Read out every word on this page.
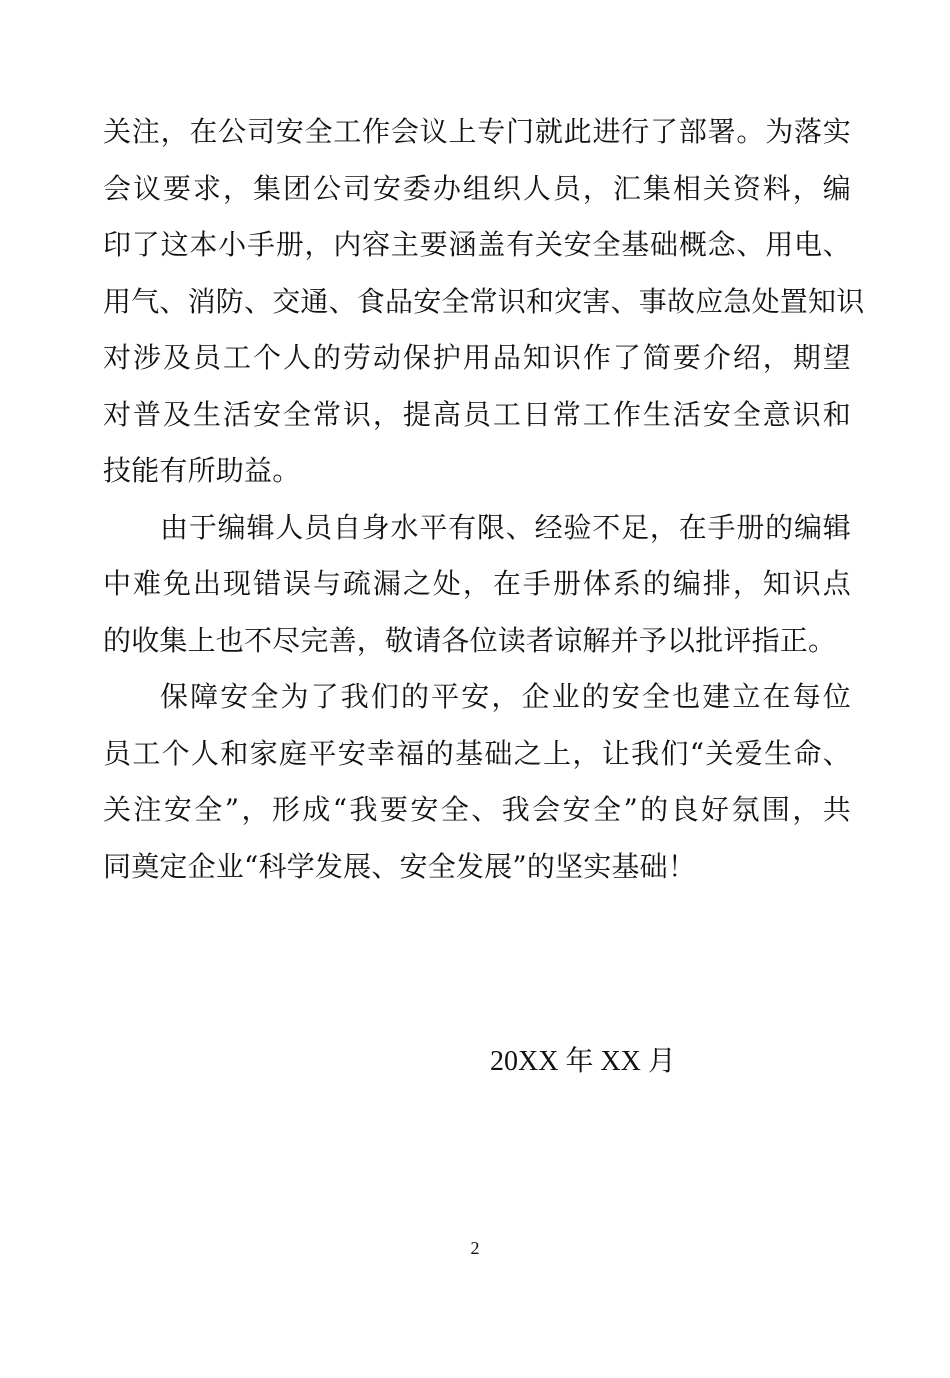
关注，在公司安全工作会议上专门就此进行了部署。为落实
会议要求，集团公司安委办组织人员，汇集相关资料，编
印了这本小手册，内容主要涵盖有关安全基础概念、用电、
用气、消防、交通、食品安全常识和灾害、事故应急处置知识
对涉及员工个人的劳动保护用品知识作了简要介绍，期望
对普及生活安全常识，提高员工日常工作生活安全意识和
技能有所助益。
由于编辑人员自身水平有限、经验不足，在手册的编辑
中难免出现错误与疏漏之处，在手册体系的编排，知识点
的收集上也不尽完善，敬请各位读者谅解并予以批评指正。
保障安全为了我们的平安，企业的安全也建立在每位
员工个人和家庭平安幸福的基础之上，让我们“关爱生命、
关注安全”，形成“我要安全、我会安全”的良好氛围，共
同奠定企业“科学发展、安全发展”的坚实基础！
20XX 年 XX 月
2
